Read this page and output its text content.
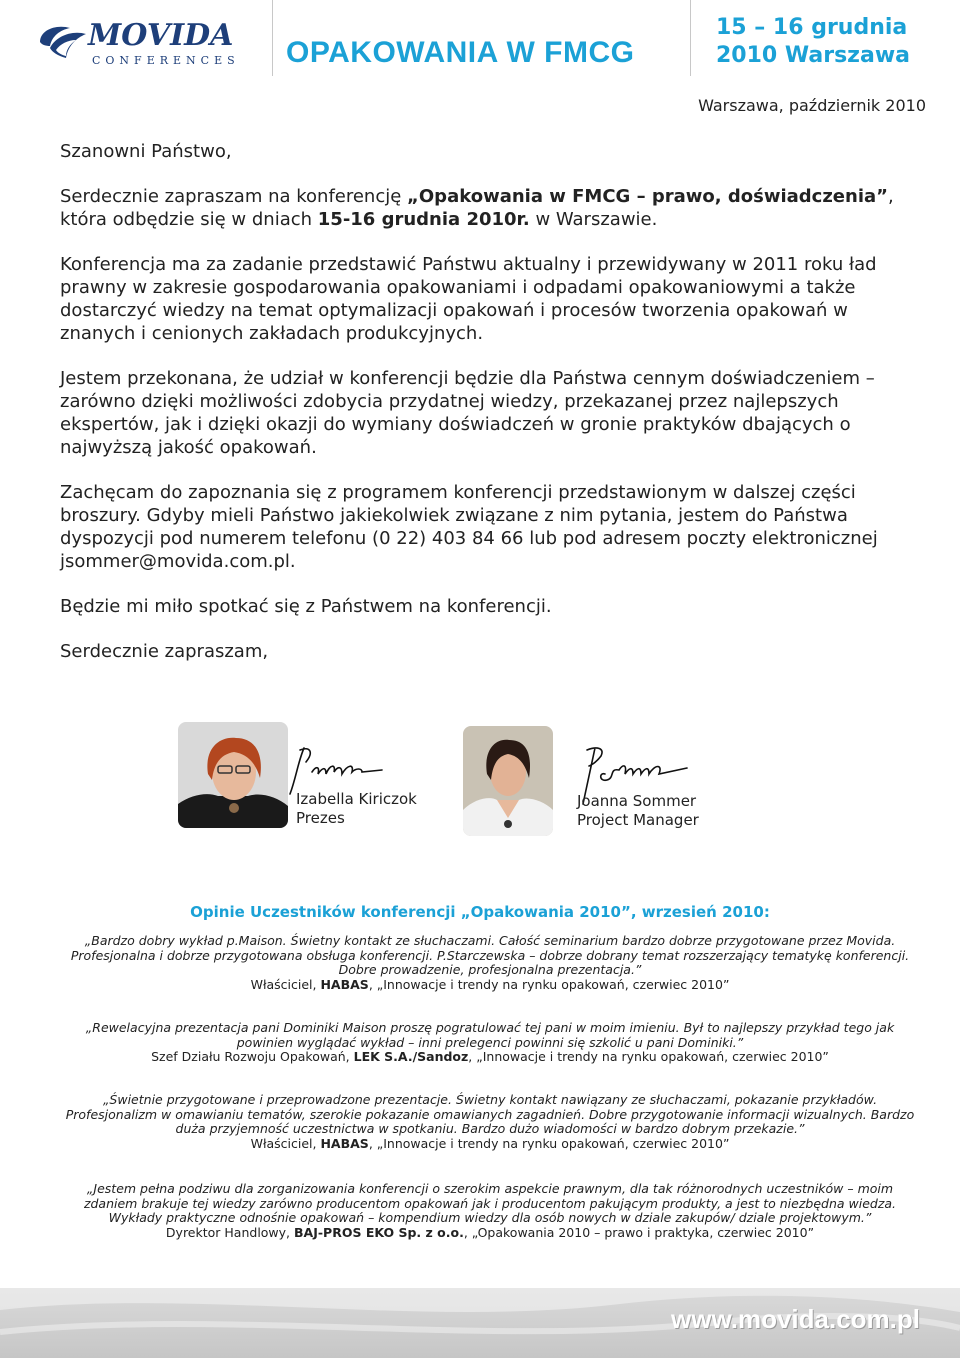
MOVIDA
CONFERENCES OPAKOWANIA W FMCG
15 – 16 grudnia
2010 Warszawa
Warszawa, październik 2010

Szanowni Państwo,

Serdecznie zapraszam na konferencję „Opakowania w FMCG – prawo, doświadczenia”, która odbędzie się w dniach 15-16 grudnia 2010r. w Warszawie.

Konferencja ma za zadanie przedstawić Państwu aktualny i przewidywany w 2011 roku ład prawny w zakresie gospodarowania opakowaniami i odpadami opakowaniowymi a także dostarczyć wiedzy na temat optymalizacji opakowań i procesów tworzenia opakowań w znanych i cenionych zakładach produkcyjnych.

Jestem przekonana, że udział w konferencji będzie dla Państwa cennym doświadczeniem – zarówno dzięki możliwości zdobycia przydatnej wiedzy, przekazanej przez najlepszych ekspertów, jak i dzięki okazji do wymiany doświadczeń w gronie praktyków dbających o najwyższą jakość opakowań.

Zachęcam do zapoznania się z programem konferencji przedstawionym w dalszej części broszury. Gdyby mieli Państwo jakiekolwiek związane z nim pytania, jestem do Państwa dyspozycji pod numerem telefonu (0 22) 403 84 66 lub pod adresem poczty elektronicznej jsommer@movida.com.pl.

Będzie mi miło spotkać się z Państwem na konferencji.

Serdecznie zapraszam,

Izabella Kiriczok
Prezes
Joanna Sommer
Project Manager
Opinie Uczestników konferencji „Opakowania 2010”, wrzesień 2010:
„Bardzo dobry wykład p.Maison. Świetny kontakt ze słuchaczami. Całość seminarium bardzo dobrze przygotowane przez Movida. Profesjonalna i dobrze przygotowana obsługa konferencji. P.Starczewska – dobrze dobrany temat rozszerzający tematykę konferencji. Dobre prowadzenie, profesjonalna prezentacja.”
Właściciel, HABAS, „Innowacje i trendy na rynku opakowań, czerwiec 2010”
„Rewelacyjna prezentacja pani Dominiki Maison proszę pogratulować tej pani w moim imieniu. Był to najlepszy przykład tego jak powinien wyglądać wykład – inni prelegenci powinni się szkolić u pani Dominiki.”
Szef Działu Rozwoju Opakowań, LEK S.A./Sandoz, „Innowacje i trendy na rynku opakowań, czerwiec 2010”
„Świetnie przygotowane i przeprowadzone prezentacje. Świetny kontakt nawiązany ze słuchaczami, pokazanie przykładów. Profesjonalizm w omawianiu tematów, szerokie pokazanie omawianych zagadnień. Dobre przygotowanie informacji wizualnych. Bardzo duża przyjemność uczestnictwa w spotkaniu. Bardzo dużo wiadomości w bardzo dobrym przekazie.”
Właściciel, HABAS, „Innowacje i trendy na rynku opakowań, czerwiec 2010”
„Jestem pełna podziwu dla zorganizowania konferencji o szerokim aspekcie prawnym, dla tak różnorodnych uczestników – moim zdaniem brakuje tej wiedzy zarówno producentom opakowań jak i producentom pakującym produkty, a jest to niezbędna wiedza. Wykłady praktyczne odnośnie opakowań – kompendium wiedzy dla osób nowych w dziale zakupów/ dziale projektowym.”
Dyrektor Handlowy, BAJ-PROS EKO Sp. z o.o., „Opakowania 2010 – prawo i praktyka, czerwiec 2010”
www.movida.com.pl
